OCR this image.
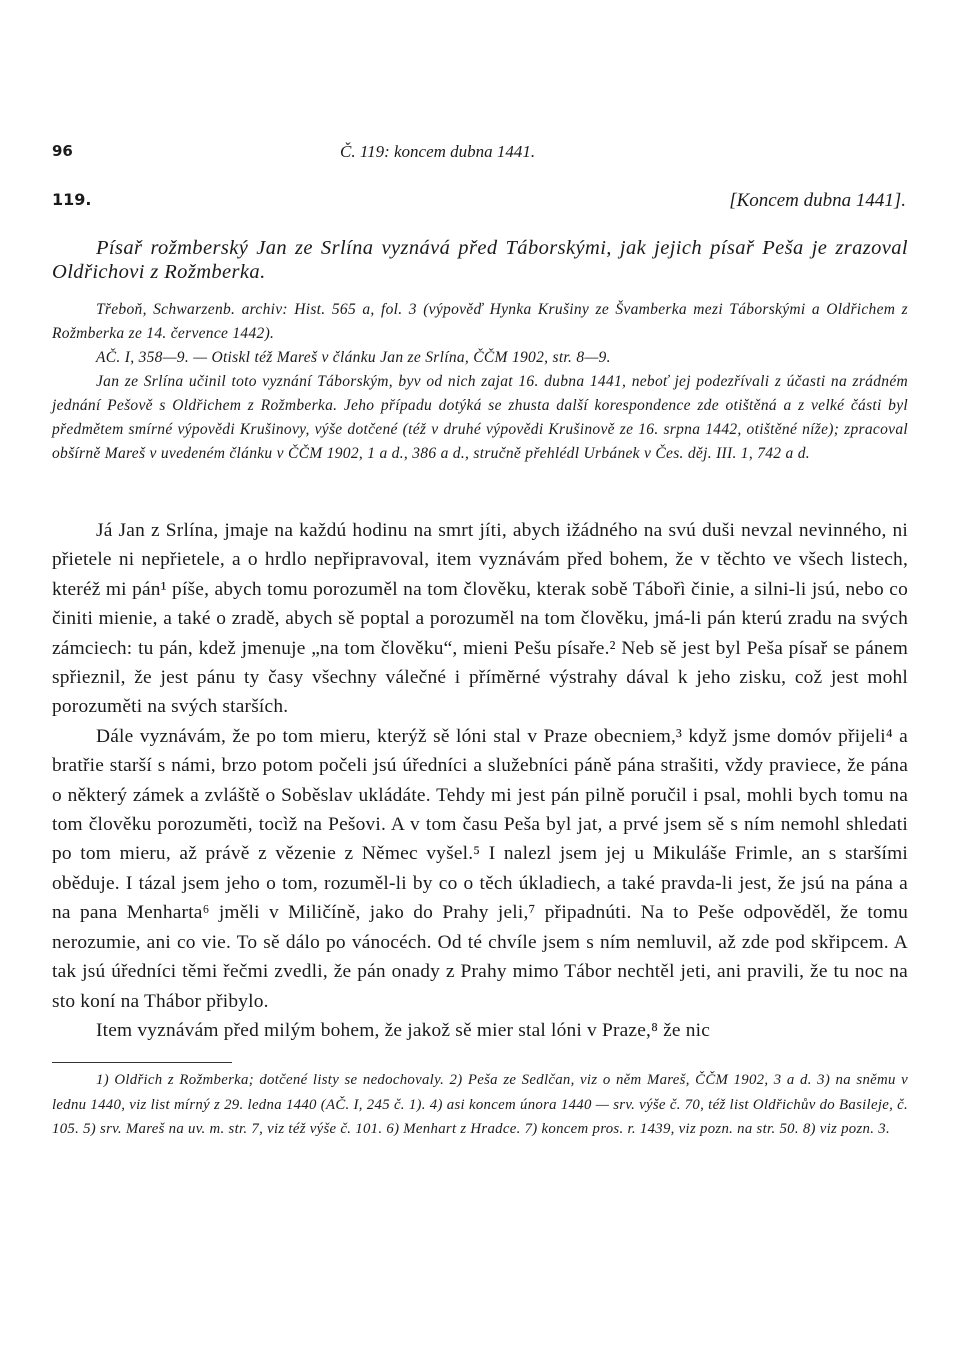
96	Č. 119: koncem dubna 1441.
119.	[Koncem dubna 1441].

Písař rožmberský Jan ze Srlína vyznává před Táborskými, jak jejich písař Peša je zrazoval Oldřichovi z Rožmberka.

Třeboň, Schwarzenb. archiv: Hist. 565 a, fol. 3 (výpověď Hynka Krušiny ze Švamberka mezi Táborskými a Oldřichem z Rožmberka ze 14. července 1442).

AČ. I, 358—9. — Otiskl též Mareš v článku Jan ze Srlína, ČČM 1902, str. 8—9.

Jan ze Srlína učinil toto vyznání Táborským, byv od nich zajat 16. dubna 1441, neboť jej podezřívali z účasti na zrádném jednání Pešově s Oldřichem z Rožmberka. Jeho případu dotýká se zhusta další korespondence zde otištěná a z velké části byl předmětem smírné výpovědi Krušinovy, výše dotčené (též v druhé výpovědi Krušinově ze 16. srpna 1442, otištěné níže); zpracoval obšírně Mareš v uvedeném článku v ČČM 1902, 1 a d., 386 a d., stručně přehlédl Urbánek v Čes. děj. III. 1, 742 a d.

Já Jan z Srlína, jmaje na každú hodinu na smrt jíti, abych ižádného na svú duši nevzal nevinného, ni přietele ni nepřietele, a o hrdlo nepřipravoval, item vyznávám před bohem, že v těchto ve všech listech, kteréž mi pán¹ píše, abych tomu porozuměl na tom člověku, kterak sobě Tábořì činie, a silni-li jsú, nebo co činiti mienie, a také o zradě, abych sě poptal a porozuměl na tom člověku, jmá-li pán kterú zradu na svých zámciech: tu pán, kdež jmenuje „na tom člověku“, mieni Pešu písaře.² Neb sě jest byl Peša písař se pánem spřieznil, že jest pánu ty časy všechny válečné i přímĕrné výstrahy dával k jeho zisku, což jest mohl porozuměti na svých starších.

Dále vyznávám, že po tom mieru, kterýž sě lóni stal v Praze obecniem,³ když jsme domóv přijeli⁴ a bratřie starší s námi, brzo potom počeli jsú úředníci a služebníci páně pána strašiti, vždy praviece, že pána o některý zámek a zvláště o Soběslav ukládáte. Tehdy mi jest pán pilně poručil i psal, mohli bych tomu na tom člověku porozuměti, tocìž na Pešovi. A v tom času Peša byl jat, a prvé jsem sě s ním nemohl shledati po tom mieru, až právě z vězenie z Němec vyšel.⁵ I nalezl jsem jej u Mikuláše Frimle, an s staršími obědujе. I tázal jsem jeho o tom, rozuměl-li by co o těch úkladiech, a také pravda-li jest, že jsú na pána a na pana Menharta⁶ jměli v Miličíně, jako do Prahy jeli,⁷ připadnúti. Na to Peše odpověděl, že tomu nerozumie, ani co vie. To sě dálo po vánocéch. Od té chvíle jsem s ním nemluvil, až zde pod skřipcem. A tak jsú úředníci těmi řečmi zvedli, že pán onady z Prahy mimo Tábor nechtěl jeti, ani pravili, že tu noc na sto koní na Thábor přibylo.

Item vyznávám před milým bohem, že jakož sě mier stal lóni v Praze,⁸ že nic

1) Oldřich z Rožmberka; dotčené listy se nedochovaly. 2) Peša ze Sedlčan, viz o něm Mareš, ČČM 1902, 3 a d. 3) na sněmu v lednu 1440, viz list mírný z 29. ledna 1440 (AČ. I, 245 č. 1). 4) asi koncem února 1440 — srv. výše č. 70, též list Oldřichův do Basileje, č. 105. 5) srv. Mareš na uv. m. str. 7, viz též výše č. 101. 6) Menhart z Hradce. 7) koncem pros. r. 1439, viz pozn. na str. 50. 8) viz pozn. 3.
